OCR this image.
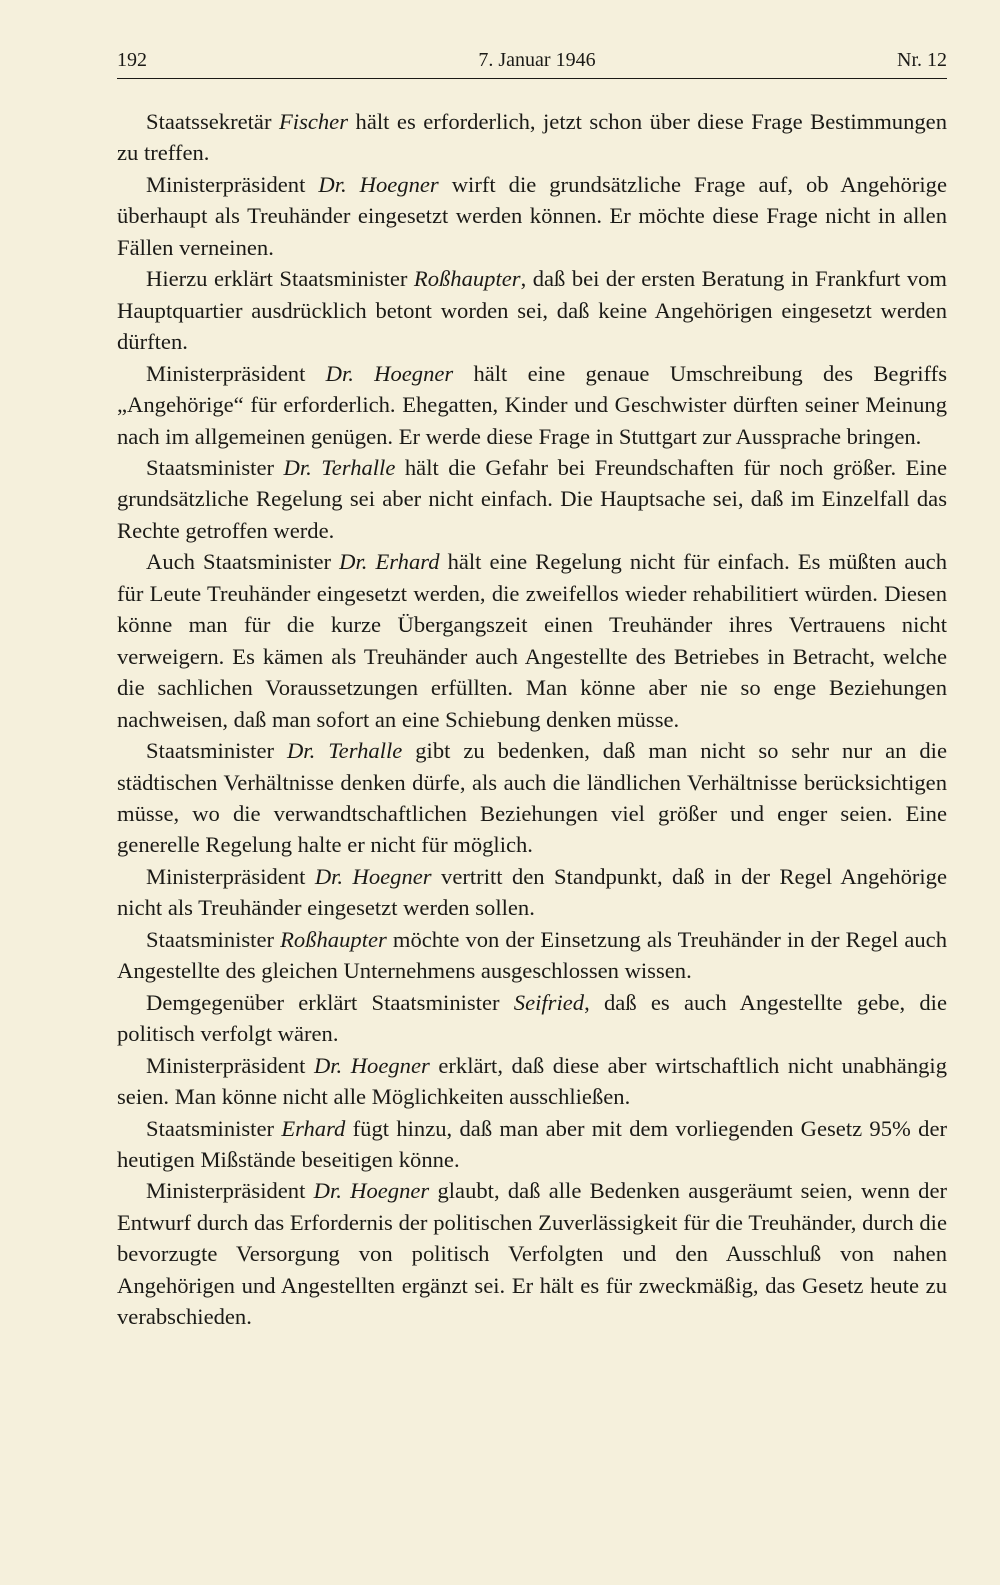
192	7. Januar 1946	Nr. 12

Staatssekretär Fischer hält es erforderlich, jetzt schon über diese Frage Bestimmungen zu treffen.

Ministerpräsident Dr. Hoegner wirft die grundsätzliche Frage auf, ob Angehörige überhaupt als Treuhänder eingesetzt werden können. Er möchte diese Frage nicht in allen Fällen verneinen.

Hierzu erklärt Staatsminister Roßhaupter, daß bei der ersten Beratung in Frankfurt vom Hauptquartier ausdrücklich betont worden sei, daß keine Angehörigen eingesetzt werden dürften.

Ministerpräsident Dr. Hoegner hält eine genaue Umschreibung des Begriffs „Angehörige“ für erforderlich. Ehegatten, Kinder und Geschwister dürften seiner Meinung nach im allgemeinen genügen. Er werde diese Frage in Stuttgart zur Aussprache bringen.

Staatsminister Dr. Terhalle hält die Gefahr bei Freundschaften für noch größer. Eine grundsätzliche Regelung sei aber nicht einfach. Die Hauptsache sei, daß im Einzelfall das Rechte getroffen werde.

Auch Staatsminister Dr. Erhard hält eine Regelung nicht für einfach. Es müßten auch für Leute Treuhänder eingesetzt werden, die zweifellos wieder rehabilitiert würden. Diesen könne man für die kurze Übergangszeit einen Treuhänder ihres Vertrauens nicht verweigern. Es kämen als Treuhänder auch Angestellte des Betriebes in Betracht, welche die sachlichen Voraussetzungen erfüllten. Man könne aber nie so enge Beziehungen nachweisen, daß man sofort an eine Schiebung denken müsse.

Staatsminister Dr. Terhalle gibt zu bedenken, daß man nicht so sehr nur an die städtischen Verhältnisse denken dürfe, als auch die ländlichen Verhältnisse berücksichtigen müsse, wo die verwandtschaftlichen Beziehungen viel größer und enger seien. Eine generelle Regelung halte er nicht für möglich.

Ministerpräsident Dr. Hoegner vertritt den Standpunkt, daß in der Regel Angehörige nicht als Treuhänder eingesetzt werden sollen.

Staatsminister Roßhaupter möchte von der Einsetzung als Treuhänder in der Regel auch Angestellte des gleichen Unternehmens ausgeschlossen wissen.

Demgegenüber erklärt Staatsminister Seifried, daß es auch Angestellte gebe, die politisch verfolgt wären.

Ministerpräsident Dr. Hoegner erklärt, daß diese aber wirtschaftlich nicht unabhängig seien. Man könne nicht alle Möglichkeiten ausschließen.

Staatsminister Erhard fügt hinzu, daß man aber mit dem vorliegenden Gesetz 95% der heutigen Mißstände beseitigen könne.

Ministerpräsident Dr. Hoegner glaubt, daß alle Bedenken ausgeräumt seien, wenn der Entwurf durch das Erfordernis der politischen Zuverlässigkeit für die Treuhänder, durch die bevorzugte Versorgung von politisch Verfolgten und den Ausschluß von nahen Angehörigen und Angestellten ergänzt sei. Er hält es für zweckmäßig, das Gesetz heute zu verabschieden.
